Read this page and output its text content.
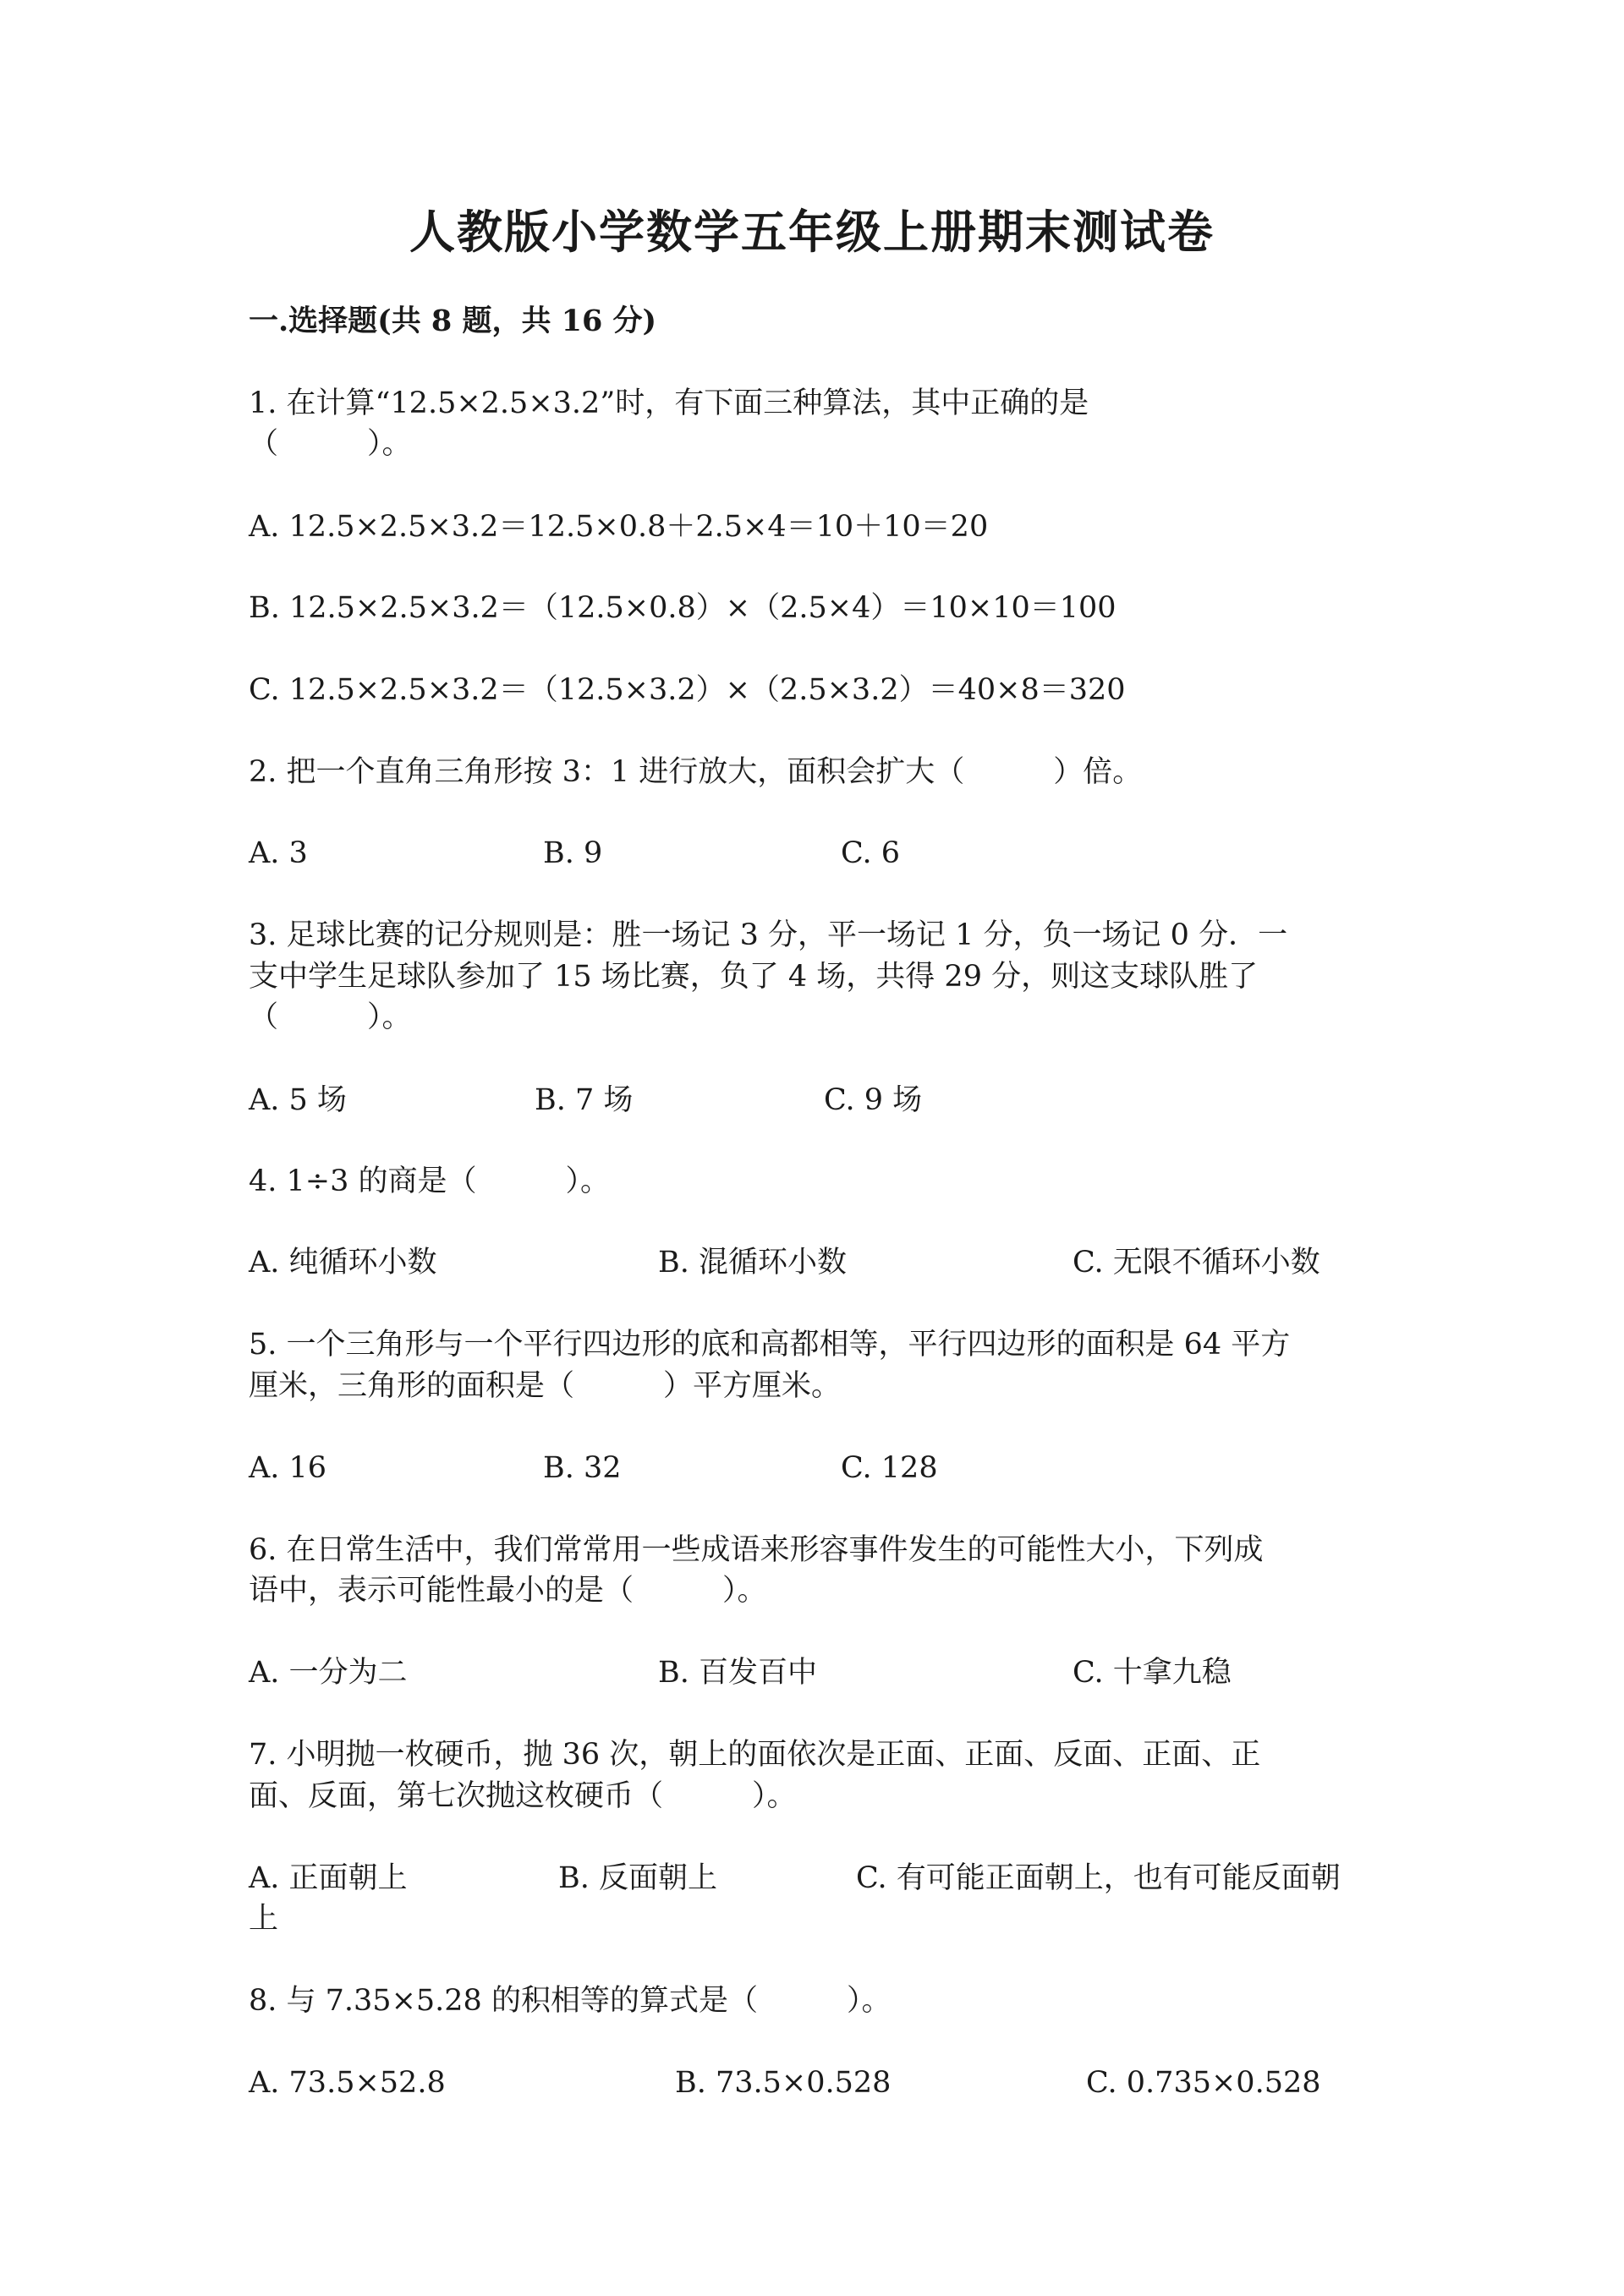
人教版小学数学五年级上册期末测试卷
一.选择题(共 8 题，共 16 分)
1. 在计算“12.5×2.5×3.2”时，有下面三种算法，其中正确的是
（　　　）。
A. 12.5×2.5×3.2＝12.5×0.8＋2.5×4＝10＋10＝20
B. 12.5×2.5×3.2＝（12.5×0.8）×（2.5×4）＝10×10＝100
C. 12.5×2.5×3.2＝（12.5×3.2）×（2.5×3.2）＝40×8＝320
2. 把一个直角三角形按 3：1 进行放大，面积会扩大（　　　）倍。
A. 3	B. 9	C. 6
3. 足球比赛的记分规则是：胜一场记 3 分，平一场记 1 分，负一场记 0 分．一
支中学生足球队参加了 15 场比赛，负了 4 场，共得 29 分，则这支球队胜了
（　　　）。
A. 5 场	B. 7 场	C. 9 场
4. 1÷3 的商是（　　　）。
A. 纯循环小数	B. 混循环小数	C. 无限不循环小数
5. 一个三角形与一个平行四边形的底和高都相等，平行四边形的面积是 64 平方
厘米，三角形的面积是（　　　）平方厘米。
A. 16	B. 32	C. 128
6. 在日常生活中，我们常常用一些成语来形容事件发生的可能性大小，下列成
语中，表示可能性最小的是（　　　）。
A. 一分为二	B. 百发百中	C. 十拿九稳
7. 小明抛一枚硬币，抛 36 次，朝上的面依次是正面、正面、反面、正面、正
面、反面，第七次抛这枚硬币（　　　）。
A. 正面朝上	B. 反面朝上	C. 有可能正面朝上，也有可能反面朝
上
8. 与 7.35×5.28 的积相等的算式是（　　　）。
A. 73.5×52.8	B. 73.5×0.528	C. 0.735×0.528
